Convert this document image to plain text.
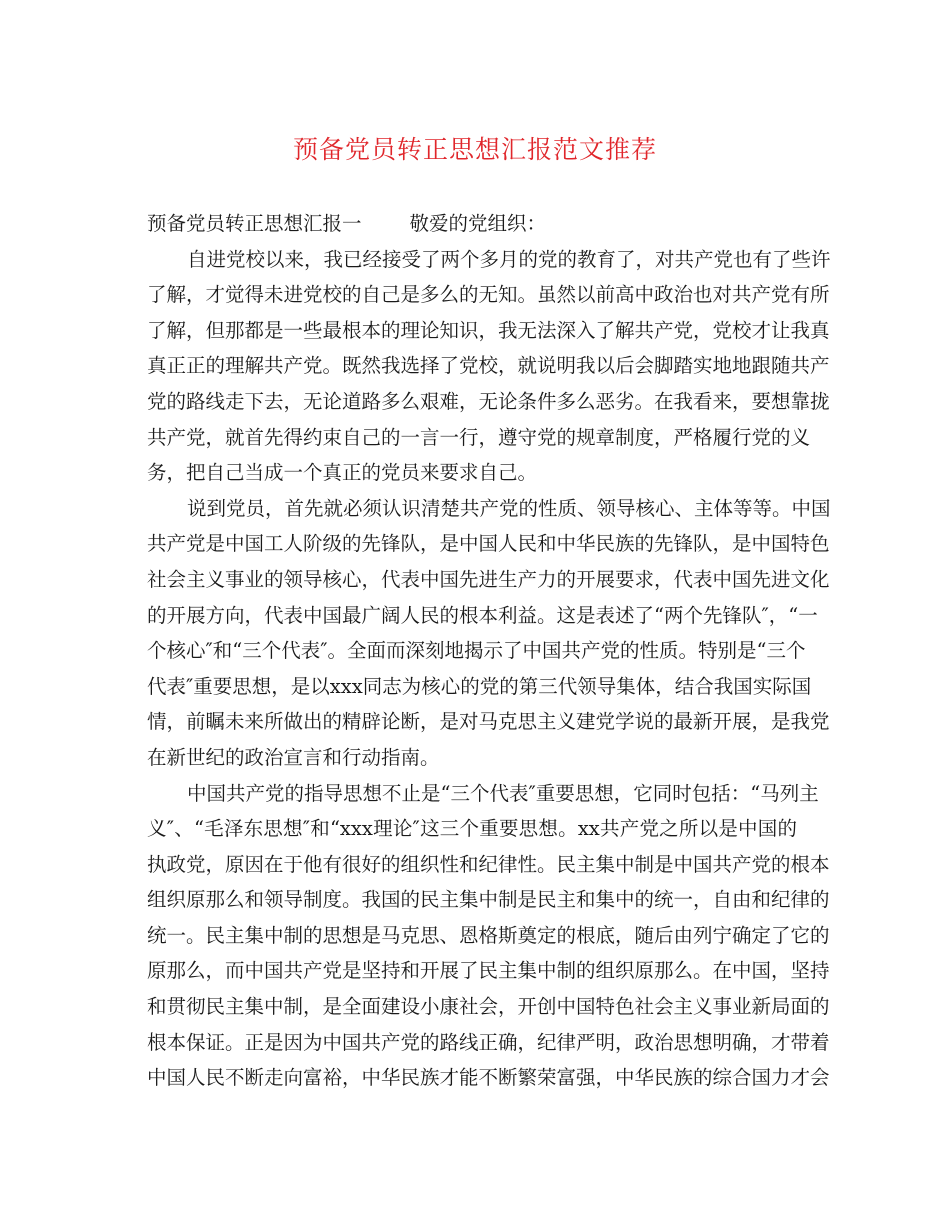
预备党员转正思想汇报范文推荐
预备党员转正思想汇报一 敬爱的党组织：
自进党校以来，我已经接受了两个多月的党的教育了，对共产党也有了些许
了解，才觉得未进党校的自己是多么的无知。虽然以前高中政治也对共产党有所
了解，但那都是一些最根本的理论知识，我无法深入了解共产党，党校才让我真
真正正的理解共产党。既然我选择了党校，就说明我以后会脚踏实地地跟随共产
党的路线走下去，无论道路多么艰难，无论条件多么恶劣。在我看来，要想靠拢
共产党，就首先得约束自己的一言一行，遵守党的规章制度，严格履行党的义
务，把自己当成一个真正的党员来要求自己。
说到党员，首先就必须认识清楚共产党的性质、领导核心、主体等等。中国
共产党是中国工人阶级的先锋队，是中国人民和中华民族的先锋队，是中国特色
社会主义事业的领导核心，代表中国先进生产力的开展要求，代表中国先进文化
的开展方向，代表中国最广阔人民的根本利益。这是表述了“两个先锋队″，“一
个核心″和“三个代表″。全面而深刻地揭示了中国共产党的性质。特别是“三个
代表″重要思想，是以xxx同志为核心的党的第三代领导集体，结合我国实际国
情，前瞩未来所做出的精辟论断，是对马克思主义建党学说的最新开展，是我党
在新世纪的政治宣言和行动指南。
中国共产党的指导思想不止是“三个代表″重要思想，它同时包括：“马列主
义″、“毛泽东思想″和“xxx理论″这三个重要思想。xx共产党之所以是中国的
执政党，原因在于他有很好的组织性和纪律性。民主集中制是中国共产党的根本
组织原那么和领导制度。我国的民主集中制是民主和集中的统一，自由和纪律的
统一。民主集中制的思想是马克思、恩格斯奠定的根底，随后由列宁确定了它的
原那么，而中国共产党是坚持和开展了民主集中制的组织原那么。在中国，坚持
和贯彻民主集中制，是全面建设小康社会，开创中国特色社会主义事业新局面的
根本保证。正是因为中国共产党的路线正确，纪律严明，政治思想明确，才带着
中国人民不断走向富裕，中华民族才能不断繁荣富强，中华民族的综合国力才会
